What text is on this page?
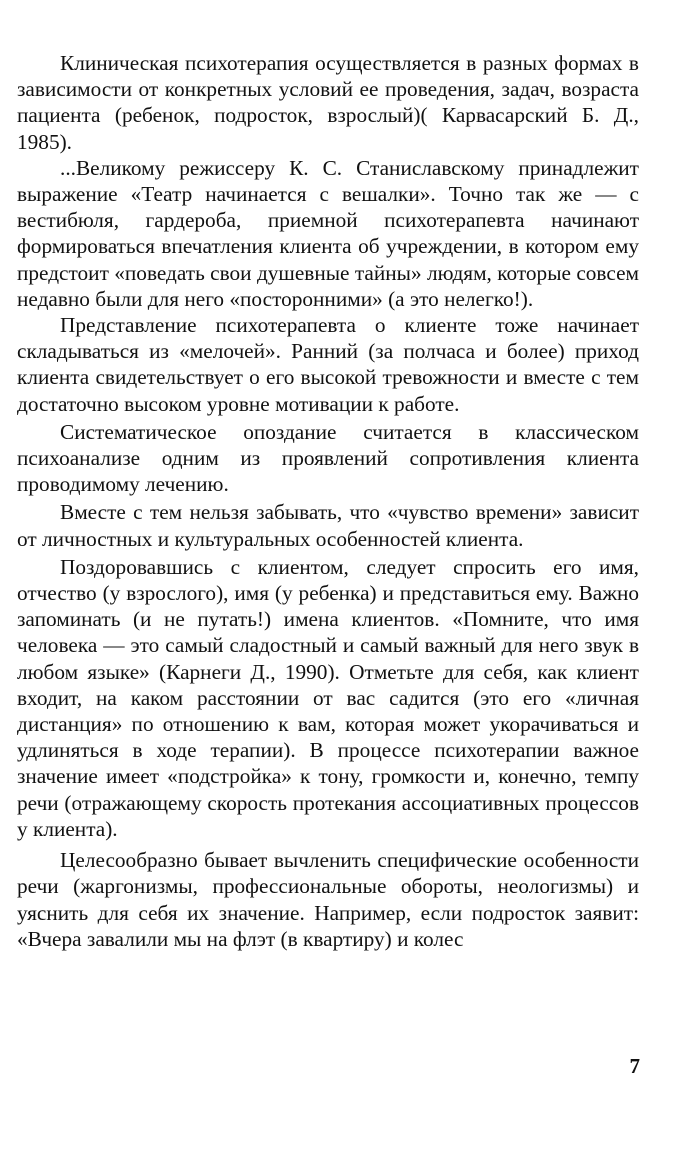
Клиническая психотерапия осуществляется в разных формах в зависимости от конкретных условий ее проведения, задач, возраста пациента (ребенок, подросток, взрослый)( Карвасарский Б. Д., 1985).

...Великому режиссеру К. С. Станиславскому принадлежит выражение «Театр начинается с вешалки». Точно так же — с вестибюля, гардероба, приемной психотерапевта начинают формироваться впечатления клиента об учреждении, в котором ему предстоит «поведать свои душевные тайны» людям, которые совсем недавно были для него «посторонними» (а это нелегко!).

Представление психотерапевта о клиенте тоже начинает складываться из «мелочей». Ранний (за полчаса и более) приход клиента свидетельствует о его высокой тревожности и вместе с тем достаточно высоком уровне мотивации к работе.

Систематическое опоздание считается в классическом психоанализе одним из проявлений сопротивления клиента проводимому лечению.

Вместе с тем нельзя забывать, что «чувство времени» зависит от личностных и культуральных особенностей клиента.

Поздоровавшись с клиентом, следует спросить его имя, отчество (у взрослого), имя (у ребенка) и представиться ему. Важно запоминать (и не путать!) имена клиентов. «Помните, что имя человека — это самый сладостный и самый важный для него звук в любом языке» (Карнеги Д., 1990). Отметьте для себя, как клиент входит, на каком расстоянии от вас садится (это его «личная дистанция» по отношению к вам, которая может укорачиваться и удлиняться в ходе терапии). В процессе психотерапии важное значение имеет «подстройка» к тону, громкости и, конечно, темпу речи (отражающему скорость протекания ассоциативных процессов у клиента).

Целесообразно бывает вычленить специфические особенности речи (жаргонизмы, профессиональные обороты, неологизмы) и уяснить для себя их значение. Например, если подросток заявит: «Вчера завалили мы на флэт (в квартиру) и колес

7
